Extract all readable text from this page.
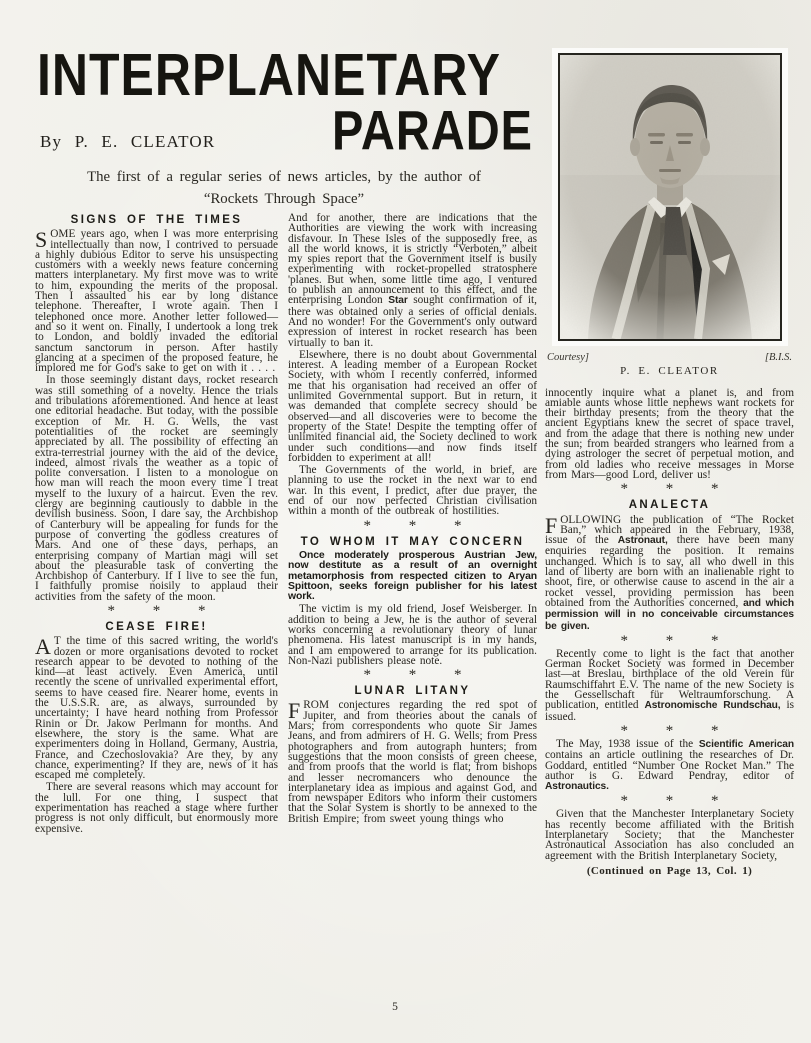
INTERPLANETARY
PARADE
By P. E. CLEATOR
The first of a regular series of news articles, by the author of
“Rockets Through Space”

SIGNS OF THE TIMES

SOME years ago, when I was more enterprising intellectually than now, I contrived to persuade a highly dubious Editor to serve his unsuspecting customers with a weekly news feature concerning matters interplanetary. My first move was to write to him, expounding the merits of the proposal. Then I assaulted his ear by long distance telephone. Thereafter, I wrote again. Then I telephoned once more. Another letter followed—and so it went on. Finally, I undertook a long trek to London, and boldly invaded the editorial sanctum sanctorum in person. After hastily glancing at a specimen of the proposed feature, he implored me for God's sake to get on with it . . . .

In those seemingly distant days, rocket research was still something of a novelty. Hence the trials and tribulations aforementioned. And hence at least one editorial headache. But today, with the possible exception of Mr. H. G. Wells, the vast potentialities of the rocket are seemingly appreciated by all. The possibility of effecting an extra-terrestrial journey with the aid of the device, indeed, almost rivals the weather as a topic of polite conversation. I listen to a monologue on how man will reach the moon every time I treat myself to the luxury of a haircut. Even the rev. clergy are beginning cautiously to dabble in the devilish business. Soon, I dare say, the Archbishop of Canterbury will be appealing for funds for the purpose of converting the godless creatures of Mars. And one of these days, perhaps, an enterprising company of Martian magi will set about the pleasurable task of converting the Archbishop of Canterbury. If I live to see the fun, I faithfully promise noisily to applaud their activities from the safety of the moon.

* * *

CEASE FIRE!

A T the time of this sacred writing, the world's dozen or more organisations devoted to rocket research appear to be devoted to nothing of the kind—at least actively. Even America, until recently the scene of unrivalled experimental effort, seems to have ceased fire. Nearer home, events in the U.S.S.R. are, as always, surrounded by uncertainty; I have heard nothing from Professor Rinin or Dr. Jakow Perlmann for months. And elsewhere, the story is the same. What are experimenters doing in Holland, Germany, Austria, France, and Czechoslovakia? Are they, by any chance, experimenting? If they are, news of it has escaped me completely.

There are several reasons which may account for the lull. For one thing, I suspect that experimentation has reached a stage where further progress is not only difficult, but enormously more expensive.

And for another, there are indications that the Authorities are viewing the work with increasing disfavour. In These Isles of the supposedly free, as all the world knows, it is strictly “Verboten,” albeit my spies report that the Government itself is busily experimenting with rocket-propelled stratosphere 'planes. But when, some little time ago, I ventured to publish an announcement to this effect, and the enterprising London Star sought confirmation of it, there was obtained only a series of official denials. And no wonder! For the Government's only outward expression of interest in rocket research has been virtually to ban it.

Elsewhere, there is no doubt about Governmental interest. A leading member of a European Rocket Society, with whom I recently conferred, informed me that his organisation had received an offer of unlimited Governmental support. But in return, it was demanded that complete secrecy should be observed—and all discoveries were to become the property of the State! Despite the tempting offer of unlimited financial aid, the Society declined to work under such conditions—and now finds itself forbidden to experiment at all!

The Governments of the world, in brief, are planning to use the rocket in the next war to end war. In this event, I predict, after due prayer, the end of our now perfected Christian civilisation within a month of the outbreak of hostilities.

* * *

TO WHOM IT MAY CONCERN

Once moderately prosperous Austrian Jew, now destitute as a result of an overnight metamorphosis from respected citizen to Aryan Spittoon, seeks foreign publisher for his latest work.

The victim is my old friend, Josef Weisberger. In addition to being a Jew, he is the author of several works concerning a revolutionary theory of lunar phenomena. His latest manuscript is in my hands, and I am empowered to arrange for its publication. Non-Nazi publishers please note.

* * *

LUNAR LITANY

FROM conjectures regarding the red spot of Jupiter, and from theories about the canals of Mars; from correspondents who quote Sir James Jeans, and from admirers of H. G. Wells; from Press photographers and from autograph hunters; from suggestions that the moon consists of green cheese, and from proofs that the world is flat; from bishops and lesser necromancers who denounce the interplanetary idea as impious and against God, and from newspaper Editors who inform their customers that the Solar System is shortly to be annexed to the British Empire; from sweet young things who

Courtesy]	[B.I.S.
P. E. CLEATOR

innocently inquire what a planet is, and from amiable aunts whose little nephews want rockets for their birthday presents; from the theory that the ancient Egyptians knew the secret of space travel, and from the adage that there is nothing new under the sun; from bearded strangers who learned from a dying astrologer the secret of perpetual motion, and from old ladies who receive messages in Morse from Mars—good Lord, deliver us!

* * *

ANALECTA

FOLLOWING the publication of “The Rocket Ban,” which appeared in the February, 1938, issue of the Astronaut, there have been many enquiries regarding the position. It remains unchanged. Which is to say, all who dwell in this land of liberty are born with an inalienable right to shoot, fire, or otherwise cause to ascend in the air a rocket vessel, providing permission has been obtained from the Authorities concerned, and which permission will in no conceivable circumstances be given.

* * *

Recently come to light is the fact that another German Rocket Society was formed in December last—at Breslau, birthplace of the old Verein für Raumschiffahrt E.V. The name of the new Society is the Gessellschaft für Weltraumforschung. A publication, entitled Astronomische Rundschau, is issued.

* * *

The May, 1938 issue of the Scientific American contains an article outlining the researches of Dr. Goddard, entitled “Number One Rocket Man.” The author is G. Edward Pendray, editor of Astronautics.

* * *

Given that the Manchester Interplanetary Society has recently become affiliated with the British Interplanetary Society; that the Manchester Astronautical Association has also concluded an agreement with the British Interplanetary Society,

(Continued on Page 13, Col. 1)

5
